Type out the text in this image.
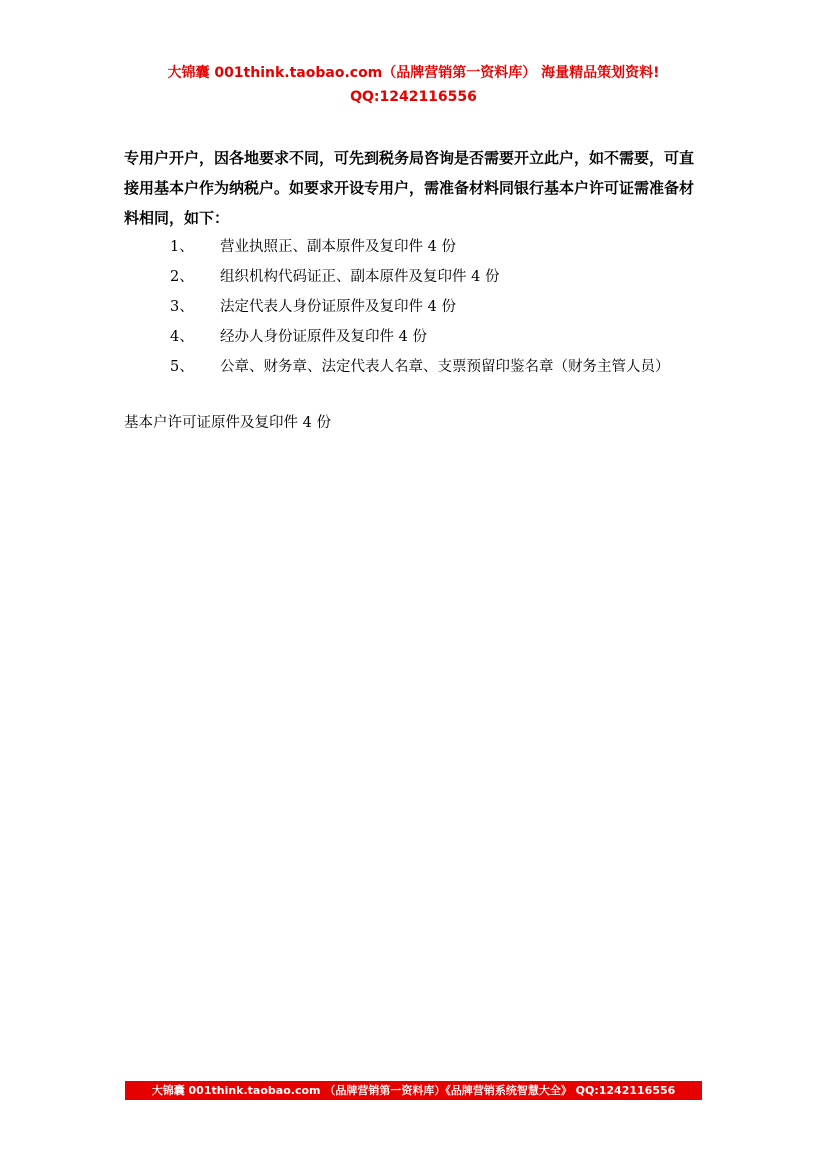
大锦囊 001think.taobao.com（品牌营销第一资料库） 海量精品策划资料!
QQ:1242116556
专用户开户，因各地要求不同，可先到税务局咨询是否需要开立此户，如不需要，可直接用基本户作为纳税户。如要求开设专用户，需准备材料同银行基本户许可证需准备材料相同，如下：
1、 营业执照正、副本原件及复印件 4 份
2、 组织机构代码证正、副本原件及复印件 4 份
3、 法定代表人身份证原件及复印件 4 份
4、 经办人身份证原件及复印件 4 份
5、 公章、财务章、法定代表人名章、支票预留印鉴名章（财务主管人员）
基本户许可证原件及复印件 4 份
大锦囊 001think.taobao.com （品牌营销第一资料库）《品牌营销系统智慧大全》 QQ:1242116556
